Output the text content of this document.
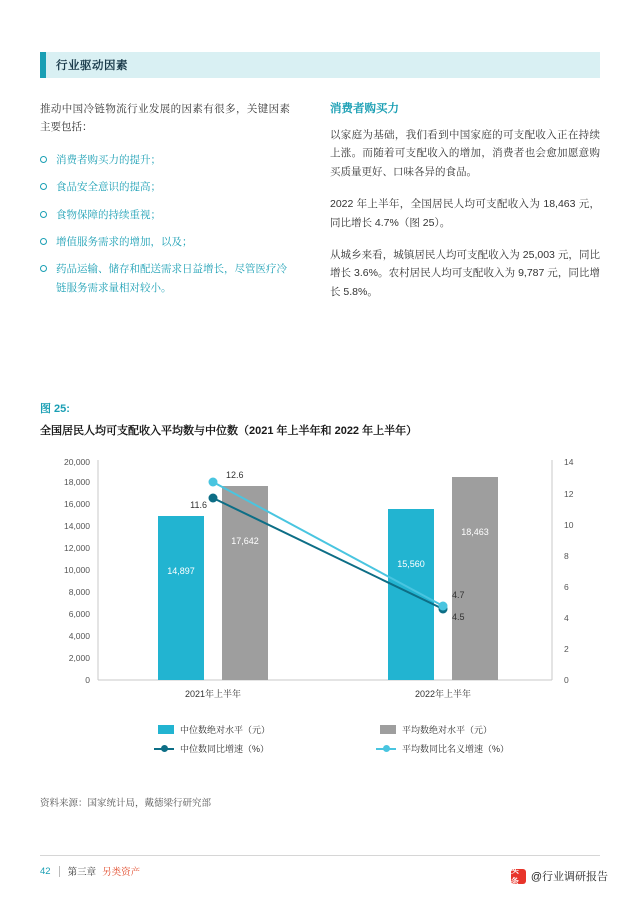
行业驱动因素

推动中国冷链物流行业发展的因素有很多，关键因素主要包括：

消费者购买力的提升；
食品安全意识的提高；
食物保障的持续重视；
增值服务需求的增加，以及；
药品运输、储存和配送需求日益增长，尽管医疗冷链服务需求量相对较小。
消费者购买力

以家庭为基础，我们看到中国家庭的可支配收入正在持续上涨。而随着可支配收入的增加，消费者也会愈加愿意购买质量更好、口味各异的食品。

2022 年上半年，全国居民人均可支配收入为 18,463 元，同比增长 4.7%（图 25）。

从城乡来看，城镇居民人均可支配收入为 25,003 元，同比增长 3.6%。农村居民人均可支配收入为 9,787 元，同比增长 5.8%。

图 25:
全国居民人均可支配收入平均数与中位数（2021 年上半年和 2022 年上半年）
0
2,000
4,000
6,000
8,000
10,000
12,000
14,000
16,000
18,000
20,000
0
2
4
6
8
10
12
14
14,897
17,642
15,560
18,463
11.6
12.6
4.7
4.5
2021年上半年	2022年上半年
中位数绝对水平（元）	平均数绝对水平（元）
中位数同比增速（%）	平均数同比名义增速（%）
资料来源：国家统计局，戴德梁行研究部
42 第三章 另类资产	头条	@行业调研报告
